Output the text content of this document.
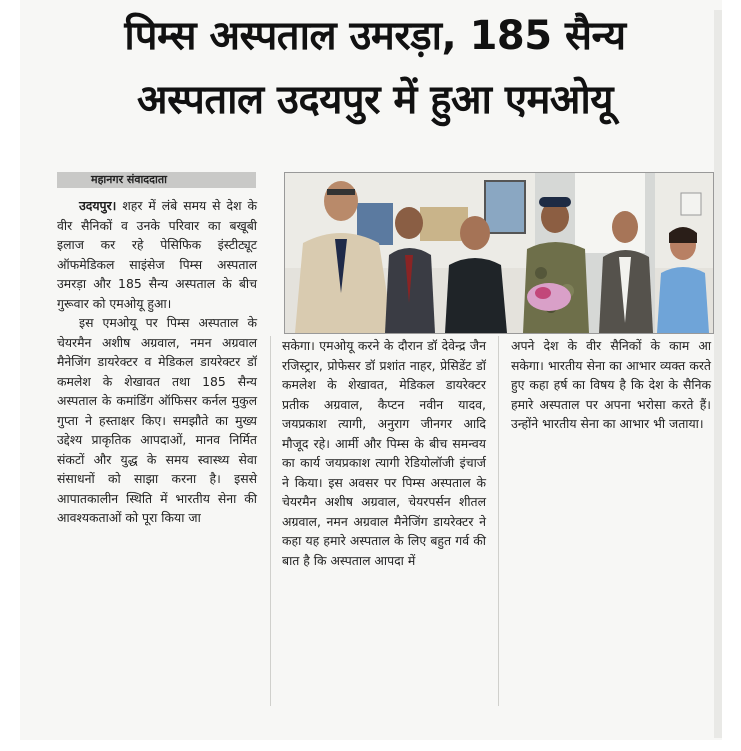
पिम्स अस्पताल उमरड़ा, 185 सैन्य
अस्पताल उदयपुर में हुआ एमओयू
महानगर संवाददाता

उदयपुर। शहर में लंबे समय से देश के वीर सैनिकों व उनके परिवार का बखूबी इलाज कर रहे पेसिफिक इंस्टीट्यूट ऑफमेडिकल साइंसेज पिम्स अस्पताल उमरड़ा और 185 सैन्य अस्पताल के बीच गुरूवार को एमओयू हुआ।

इस एमओयू पर पिम्स अस्पताल के चेयरमैन अशीष अग्रवाल, नमन अग्रवाल मैनेजिंग डायरेक्टर व मेडिकल डायरेक्टर डॉ कमलेश के शेखावत तथा 185 सैन्य अस्पताल के कमांडिंग ऑफिसर कर्नल मुकुल गुप्ता ने हस्ताक्षर किए। समझौते का मुख्य उद्देश्य प्राकृतिक आपदाओं, मानव निर्मित संकटों और युद्ध के समय स्वास्थ्य सेवा संसाधनों को साझा करना है। इससे आपातकालीन स्थिति में भारतीय सेना की आवश्यकताओं को पूरा किया जा

सकेगा। एमओयू करने के दौरान डॉ देवेन्द्र जैन रजिस्ट्रार, प्रोफेसर डॉ प्रशांत नाहर, प्रेसिडेंट डॉ कमलेश के शेखावत, मेडिकल डायरेक्टर प्रतीक अग्रवाल, कैप्टन नवीन यादव, जयप्रकाश त्यागी, अनुराग जीनगर आदि मौजूद रहे। आर्मी और पिम्स के बीच समन्वय का कार्य जयप्रकाश त्यागी रेडियोलॉजी इंचार्ज ने किया। इस अवसर पर पिम्स अस्पताल के चेयरमैन अशीष अग्रवाल, चेयरपर्सन शीतल अग्रवाल, नमन अग्रवाल मैनेजिंग डायरेक्टर ने कहा यह हमारे अस्पताल के लिए बहुत गर्व की बात है कि अस्पताल आपदा में

अपने देश के वीर सैनिकों के काम आ सकेगा। भारतीय सेना का आभार व्यक्त करते हुए कहा हर्ष का विषय है कि देश के सैनिक हमारे अस्पताल पर अपना भरोसा करते हैं। उन्होंने भारतीय सेना का आभार भी जताया।
